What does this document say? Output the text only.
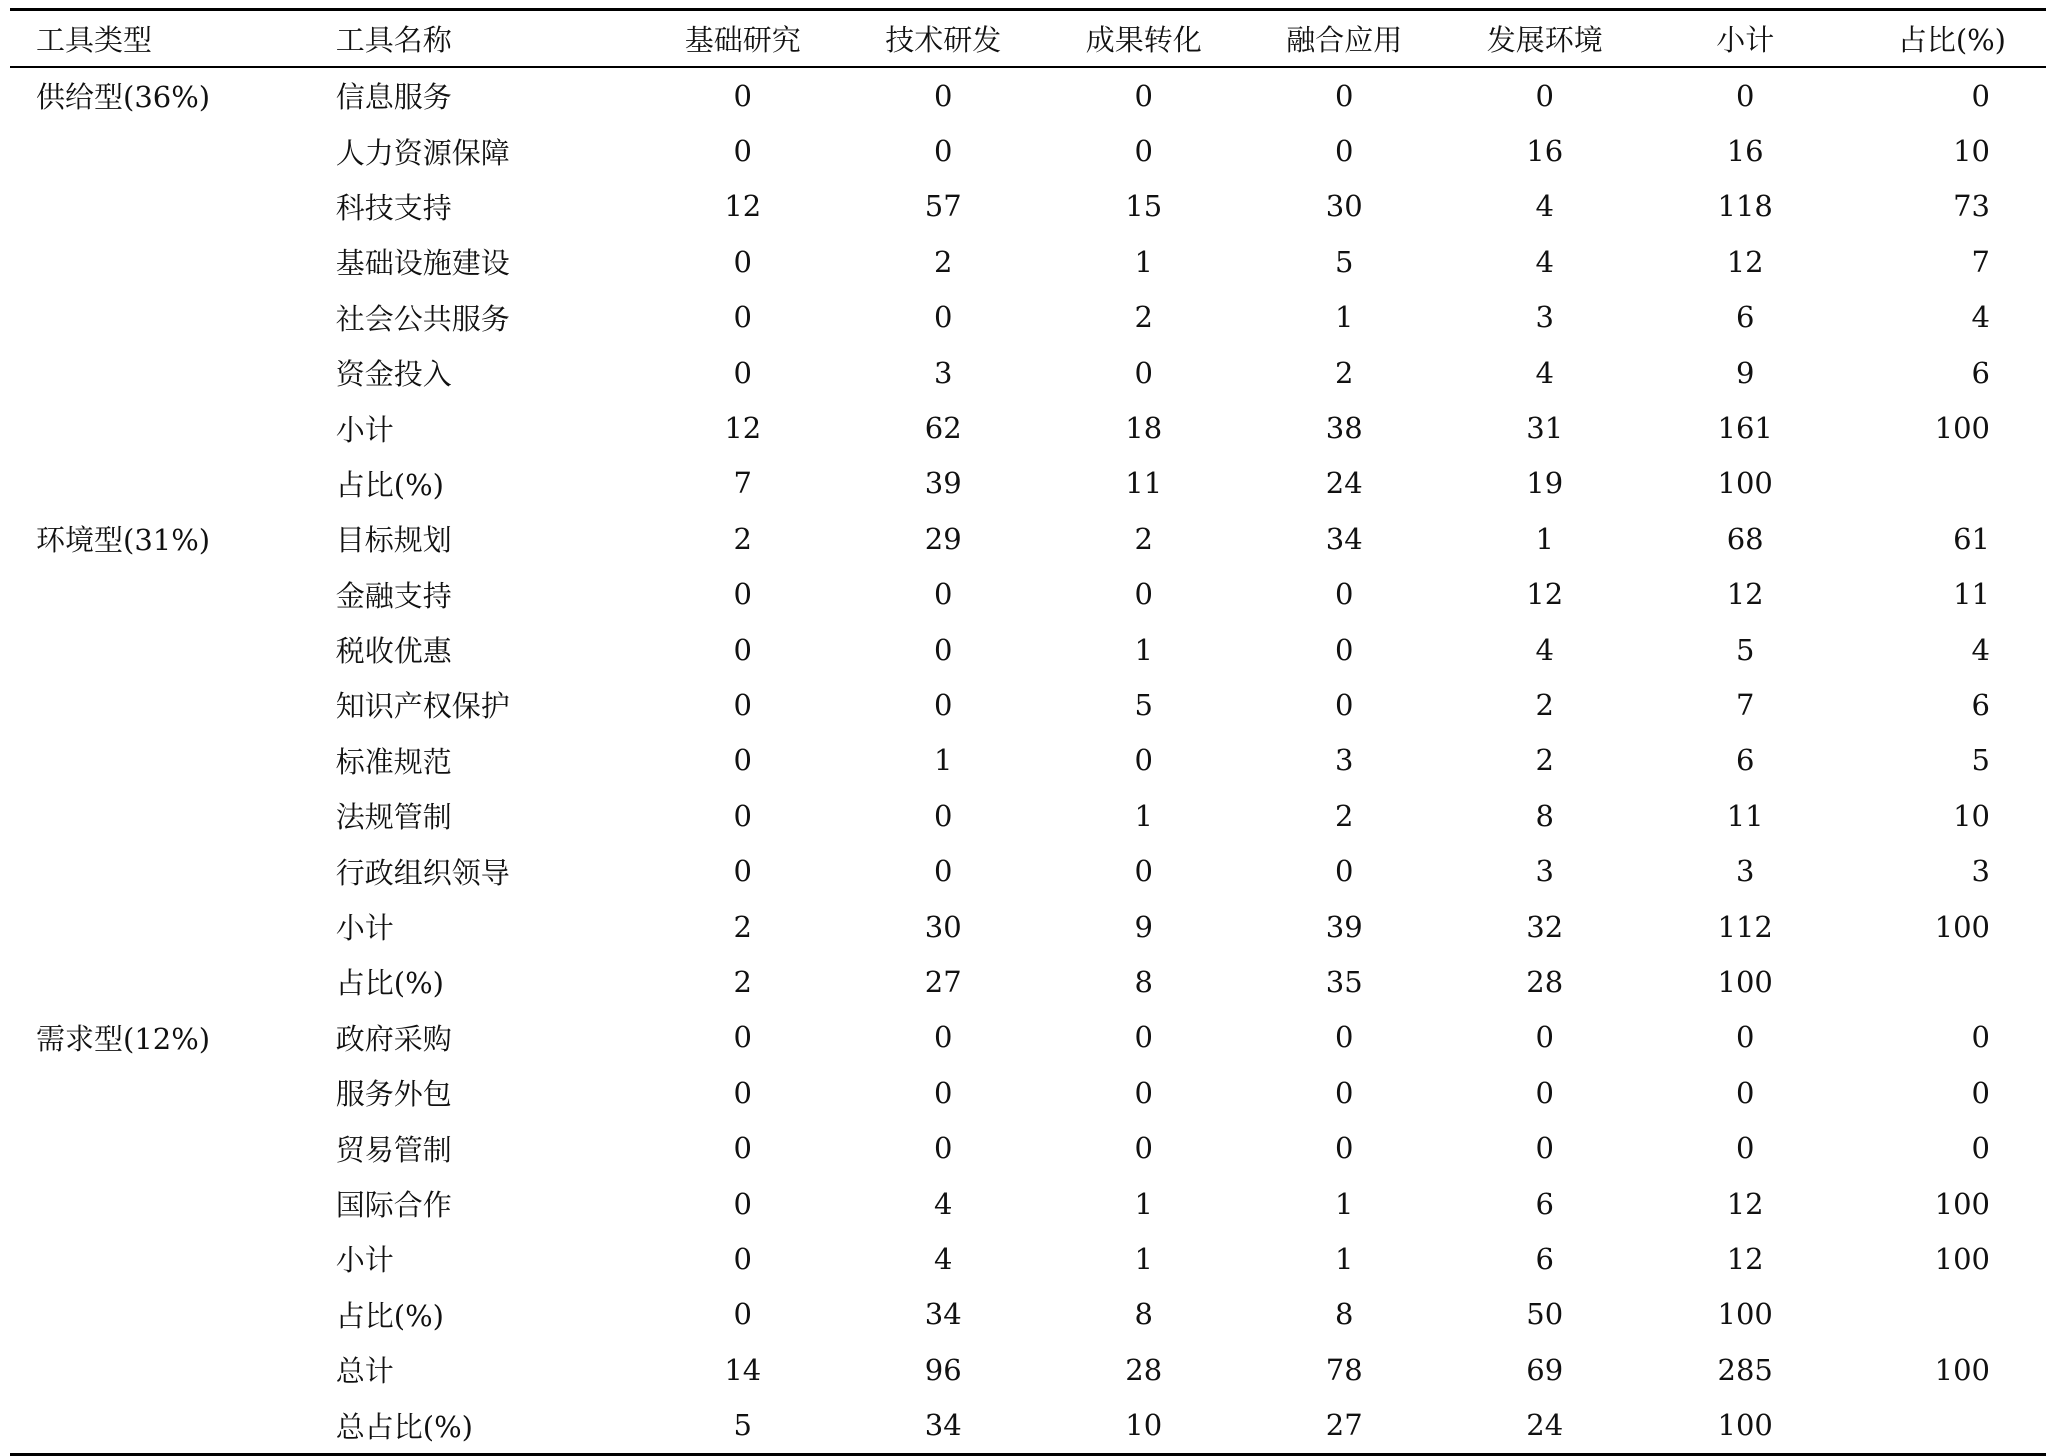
工具类型	工具名称	基础研究	技术研发	成果转化	融合应用	发展环境	小计	占比(%)
供给型(36%)	信息服务	0	0	0	0	0	0	0
	人力资源保障	0	0	0	0	16	16	10
	科技支持	12	57	15	30	4	118	73
	基础设施建设	0	2	1	5	4	12	7
	社会公共服务	0	0	2	1	3	6	4
	资金投入	0	3	0	2	4	9	6
	小计	12	62	18	38	31	161	100
	占比(%)	7	39	11	24	19	100	
环境型(31%)	目标规划	2	29	2	34	1	68	61
	金融支持	0	0	0	0	12	12	11
	税收优惠	0	0	1	0	4	5	4
	知识产权保护	0	0	5	0	2	7	6
	标准规范	0	1	0	3	2	6	5
	法规管制	0	0	1	2	8	11	10
	行政组织领导	0	0	0	0	3	3	3
	小计	2	30	9	39	32	112	100
	占比(%)	2	27	8	35	28	100	
需求型(12%)	政府采购	0	0	0	0	0	0	0
	服务外包	0	0	0	0	0	0	0
	贸易管制	0	0	0	0	0	0	0
	国际合作	0	4	1	1	6	12	100
	小计	0	4	1	1	6	12	100
	占比(%)	0	34	8	8	50	100	
	总计	14	96	28	78	69	285	100
	总占比(%)	5	34	10	27	24	100	
